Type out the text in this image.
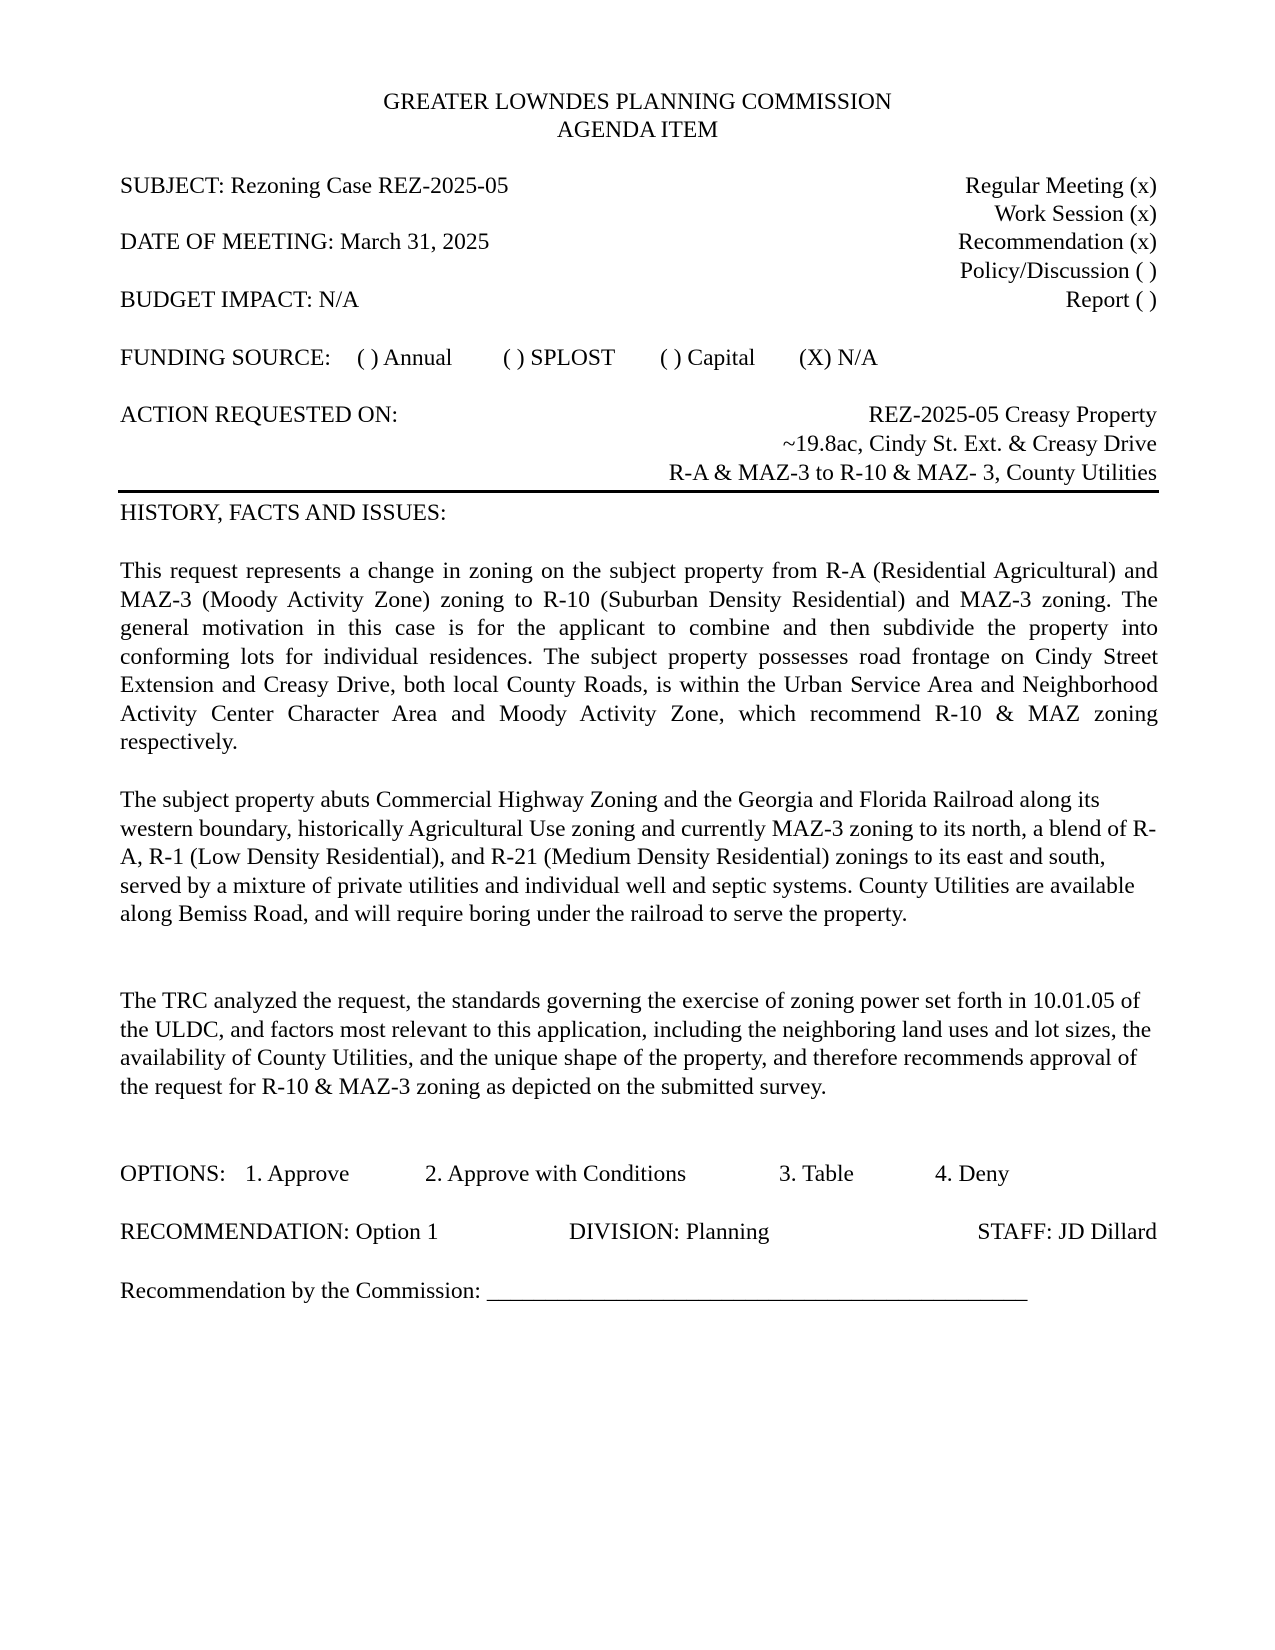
GREATER LOWNDES PLANNING COMMISSION
AGENDA ITEM
SUBJECT: Rezoning Case REZ-2025-05
DATE OF MEETING: March 31, 2025
BUDGET IMPACT: N/A
Regular Meeting (x)
Work Session (x)
Recommendation (x)
Policy/Discussion ( )
Report ( )
FUNDING SOURCE: ( ) Annual ( ) SPLOST ( ) Capital (X) N/A
ACTION REQUESTED ON:	REZ-2025-05 Creasy Property
~19.8ac, Cindy St. Ext. & Creasy Drive
R-A & MAZ-3 to R-10 & MAZ- 3, County Utilities
HISTORY, FACTS AND ISSUES:
This request represents a change in zoning on the subject property from R-A (Residential Agricultural) and MAZ-3 (Moody Activity Zone) zoning to R-10 (Suburban Density Residential) and MAZ-3 zoning. The general motivation in this case is for the applicant to combine and then subdivide the property into conforming lots for individual residences. The subject property possesses road frontage on Cindy Street Extension and Creasy Drive, both local County Roads, is within the Urban Service Area and Neighborhood Activity Center Character Area and Moody Activity Zone, which recommend R-10 & MAZ zoning respectively.
The subject property abuts Commercial Highway Zoning and the Georgia and Florida Railroad along its western boundary, historically Agricultural Use zoning and currently MAZ-3 zoning to its north, a blend of R-A, R-1 (Low Density Residential), and R-21 (Medium Density Residential) zonings to its east and south, served by a mixture of private utilities and individual well and septic systems. County Utilities are available along Bemiss Road, and will require boring under the railroad to serve the property.
The TRC analyzed the request, the standards governing the exercise of zoning power set forth in 10.01.05 of the ULDC, and factors most relevant to this application, including the neighboring land uses and lot sizes, the availability of County Utilities, and the unique shape of the property, and therefore recommends approval of the request for R-10 & MAZ-3 zoning as depicted on the submitted survey.
OPTIONS: 1. Approve	2. Approve with Conditions	3. Table	4. Deny
RECOMMENDATION: Option 1	DIVISION: Planning	STAFF: JD Dillard
Recommendation by the Commission: ______________________________________________
